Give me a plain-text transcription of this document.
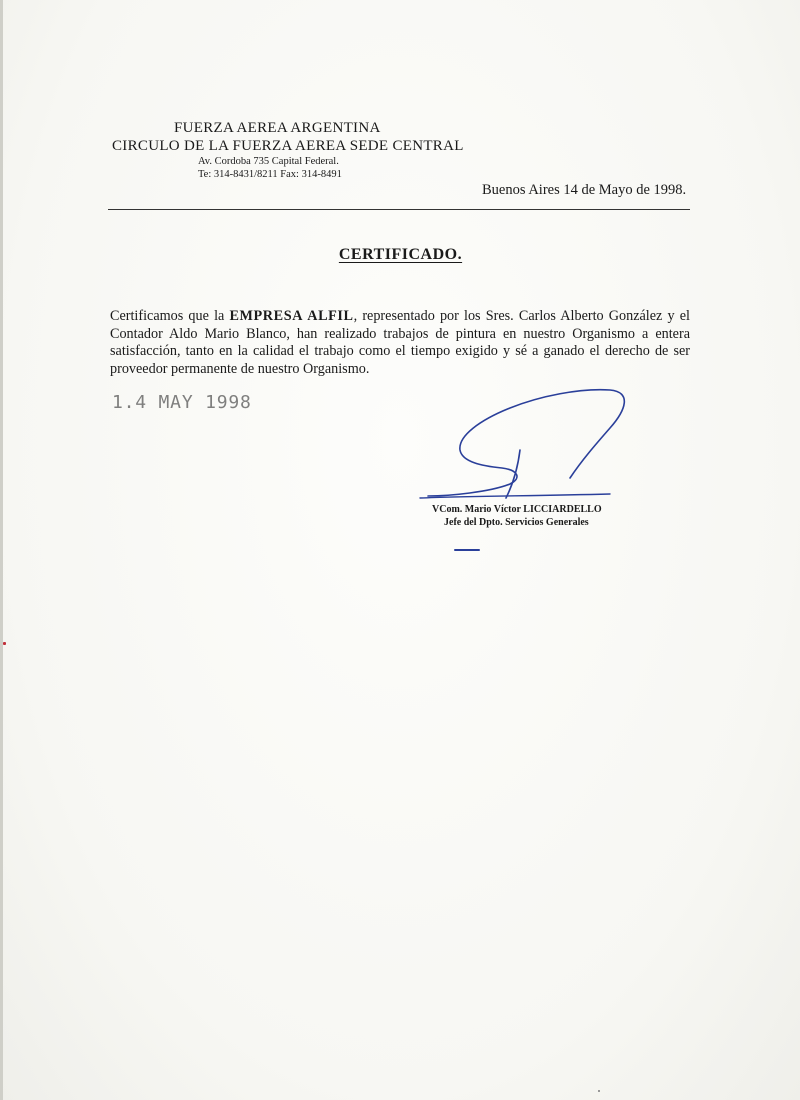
FUERZA AEREA ARGENTINA
CIRCULO DE LA FUERZA AEREA SEDE CENTRAL
Av. Cordoba 735 Capital Federal.
Te: 314-8431/8211 Fax: 314-8491
Buenos Aires 14 de Mayo de 1998.
CERTIFICADO.
Certificamos que la EMPRESA ALFIL, representado por los Sres. Carlos Alberto González y el Contador Aldo Mario Blanco, han realizado trabajos de pintura en nuestro Organismo a entera satisfacción, tanto en la calidad el trabajo como el tiempo exigido y sé a ganado el derecho de ser proveedor permanente de nuestro Organismo.
1.4 MAY 1998
VCom. Mario Víctor LICCIARDELLO
Jefe del Dpto. Servicios Generales
